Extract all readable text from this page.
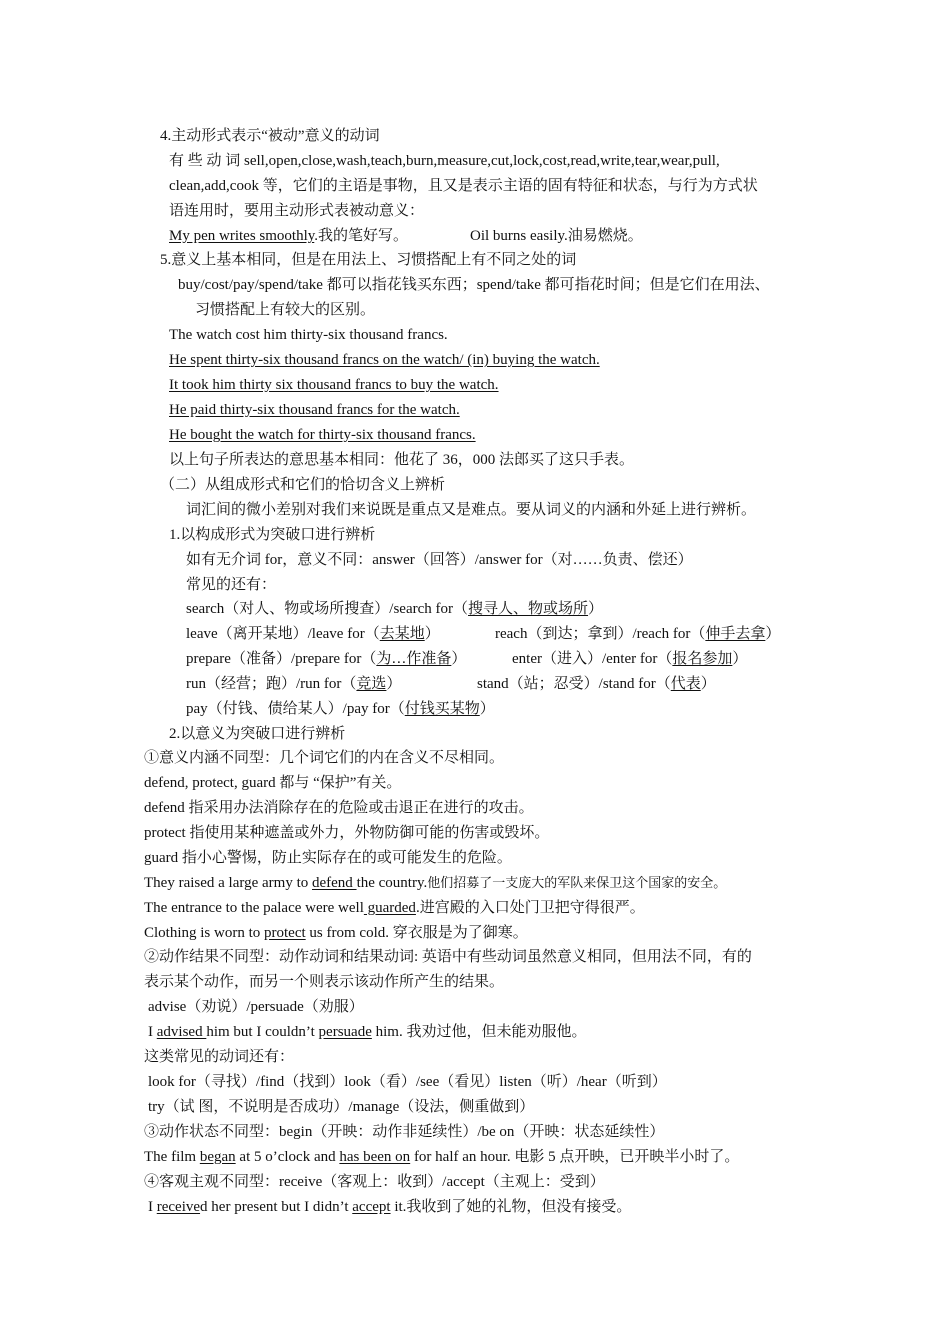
4.主动形式表示“被动”意义的动词
有 些 动 词 sell,open,close,wash,teach,burn,measure,cut,lock,cost,read,write,tear,wear,pull,
clean,add,cook 等，它们的主语是事物，且又是表示主语的固有特征和状态，与行为方式状
语连用时，要用主动形式表被动意义：
My pen writes smoothly.我的笔好写。	Oil burns easily.油易燃烧。
5.意义上基本相同，但是在用法上、习惯搭配上有不同之处的词
buy/cost/pay/spend/take 都可以指花钱买东西；spend/take 都可指花时间；但是它们在用法、
习惯搭配上有较大的区别。
The watch cost him thirty-six thousand francs.
He spent thirty-six thousand francs on the watch/ (in) buying the watch.
It took him thirty six thousand francs to buy the watch.
He paid thirty-six thousand francs for the watch.
He bought the watch for thirty-six thousand francs.
以上句子所表达的意思基本相同：他花了 36，000 法郎买了这只手表。
（二）从组成形式和它们的恰切含义上辨析
词汇间的微小差别对我们来说既是重点又是难点。要从词义的内涵和外延上进行辨析。
1.以构成形式为突破口进行辨析
如有无介词 for，意义不同：answer（回答）/answer for（对……负责、偿还）
常见的还有：
search（对人、物或场所搜查）/search for（搜寻人、物或场所）
leave（离开某地）/leave for（去某地）	reach（到达；拿到）/reach for（伸手去拿）
prepare（准备）/prepare for（为…作准备）	enter（进入）/enter for（报名参加）
run（经营；跑）/run for（竞选）	stand（站；忍受）/stand for（代表）
pay（付钱、债给某人）/pay for（付钱买某物）
2.以意义为突破口进行辨析
①意义内涵不同型：几个词它们的内在含义不尽相同。
defend, protect, guard 都与 “保护”有关。
defend 指采用办法消除存在的危险或击退正在进行的攻击。
protect 指使用某种遮盖或外力，外物防御可能的伤害或毁坏。
guard 指小心警惕，防止实际存在的或可能发生的危险。
They raised a large army to defend the country.他们招募了一支庞大的军队来保卫这个国家的安全。
The entrance to the palace were well guarded.进宫殿的入口处门卫把守得很严。
Clothing is worn to protect us from cold. 穿衣服是为了御寒。
②动作结果不同型：动作动词和结果动词: 英语中有些动词虽然意义相同，但用法不同，有的
表示某个动作，而另一个则表示该动作所产生的结果。
advise（劝说）/persuade（劝服）
I advised him but I couldn’t persuade him. 我劝过他，但未能劝服他。
这类常见的动词还有：
look for（寻找）/find（找到）look（看）/see（看见）listen（听）/hear（听到）
try（试 图，不说明是否成功）/manage（设法，侧重做到）
③动作状态不同型：begin（开映：动作非延续性）/be on（开映：状态延续性）
The film began at 5 o’clock and has been on for half an hour. 电影 5 点开映，已开映半小时了。
④客观主观不同型：receive（客观上：收到）/accept（主观上：受到）
I received her present but I didn’t accept it.我收到了她的礼物，但没有接受。
